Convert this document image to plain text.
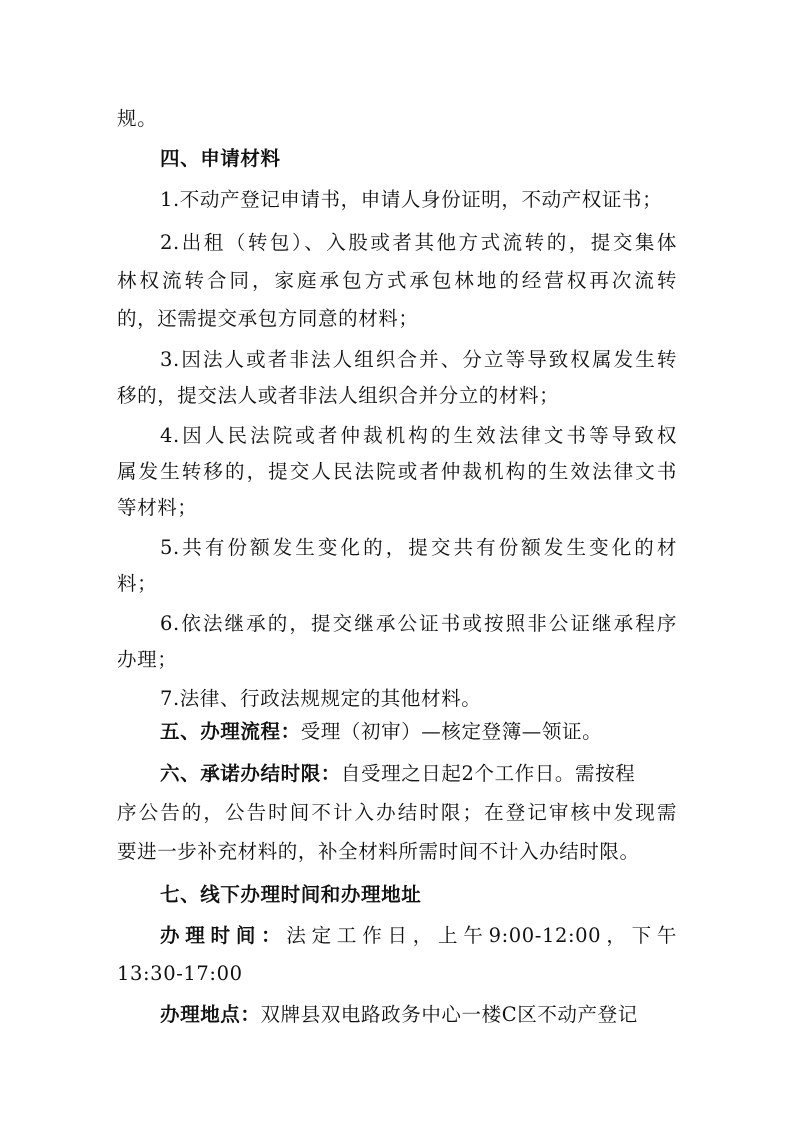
规。
四、申请材料
1.不动产登记申请书，申请人身份证明，不动产权证书；
2.出租（转包）、入股或者其他方式流转的，提交集体
林权流转合同，家庭承包方式承包林地的经营权再次流转
的，还需提交承包方同意的材料；
3.因法人或者非法人组织合并、分立等导致权属发生转
移的，提交法人或者非法人组织合并分立的材料；
4.因人民法院或者仲裁机构的生效法律文书等导致权
属发生转移的，提交人民法院或者仲裁机构的生效法律文书
等材料；
5.共有份额发生变化的，提交共有份额发生变化的材
料；
6.依法继承的，提交继承公证书或按照非公证继承程序
办理；
7.法律、行政法规规定的其他材料。
五、办理流程：受理（初审）—核定登簿—领证。
六、承诺办结时限：自受理之日起2个工作日。需按程
序公告的，公告时间不计入办结时限；在登记审核中发现需
要进一步补充材料的，补全材料所需时间不计入办结时限。
七、线下办理时间和办理地址
办理时间：法定工作日，上午9:00-12:00，下午
13:30-17:00
办理地点：双牌县双电路政务中心一楼C区不动产登记
